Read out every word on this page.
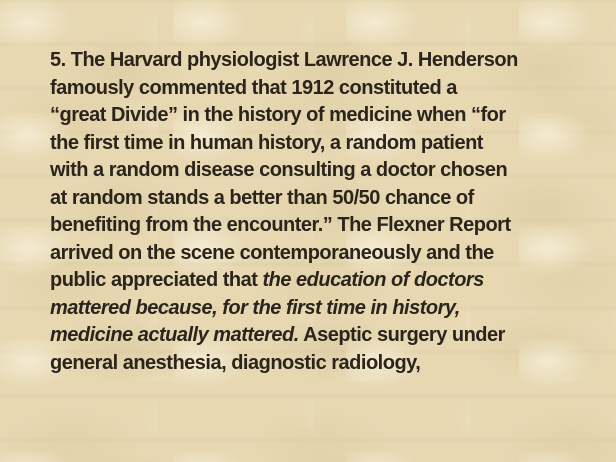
5. The Harvard physiologist Lawrence J. Henderson
famously commented that 1912 constituted a
“great Divide” in the history of medicine when “for
the first time in human history, a random patient
with a random disease consulting a doctor chosen
at random stands a better than 50/50 chance of
benefiting from the encounter.” The Flexner Report
arrived on the scene contemporaneously and the
public appreciated that the education of doctors
mattered because, for the first time in history,
medicine actually mattered. Aseptic surgery under
general anesthesia, diagnostic radiology,
